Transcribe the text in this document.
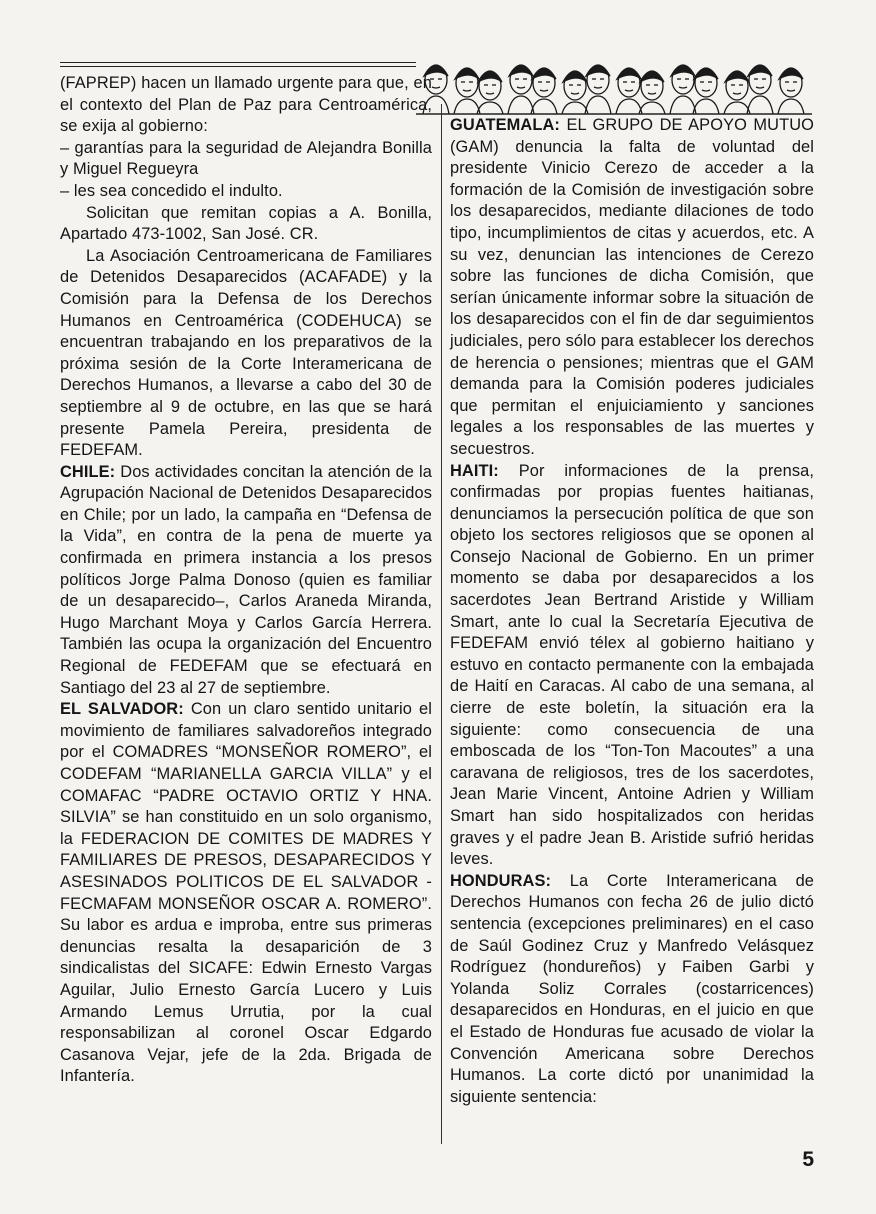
(FAPREP) hacen un llamado urgente para que, en el contexto del Plan de Paz para Centroamérica, se exija al gobierno:

– garantías para la seguridad de Alejandra Bonilla y Miguel Regueyra

– les sea concedido el indulto.

Solicitan que remitan copias a A. Bonilla, Apartado 473-1002, San José. CR.

La Asociación Centroamericana de Familiares de Detenidos Desaparecidos (ACAFADE) y la Comisión para la Defensa de los Derechos Humanos en Centroamérica (CODEHUCA) se encuentran trabajando en los preparativos de la próxima sesión de la Corte Interamericana de Derechos Humanos, a llevarse a cabo del 30 de septiembre al 9 de octubre, en las que se hará presente Pamela Pereira, presidenta de FEDEFAM.

CHILE: Dos actividades concitan la atención de la Agrupación Nacional de Detenidos Desaparecidos en Chile; por un lado, la campaña en “Defensa de la Vida”, en contra de la pena de muerte ya confirmada en primera instancia a los presos políticos Jorge Palma Donoso (quien es familiar de un desaparecido–, Carlos Araneda Miranda, Hugo Marchant Moya y Carlos García Herrera. También las ocupa la organización del Encuentro Regional de FEDEFAM que se efectuará en Santiago del 23 al 27 de septiembre.

EL SALVADOR: Con un claro sentido unitario el movimiento de familiares salvadoreños integrado por el COMADRES “MONSEÑOR ROMERO”, el CODEFAM “MARIANELLA GARCIA VILLA” y el COMAFAC “PADRE OCTAVIO ORTIZ Y HNA. SILVIA” se han constituido en un solo organismo, la FEDERACION DE COMITES DE MADRES Y FAMILIARES DE PRESOS, DESAPARECIDOS Y ASESINADOS POLITICOS DE EL SALVADOR - FECMAFAM MONSEÑOR OSCAR A. ROMERO”. Su labor es ardua e improba, entre sus primeras denuncias resalta la desaparición de 3 sindicalistas del SICAFE: Edwin Ernesto Vargas Aguilar, Julio Ernesto García Lucero y Luis Armando Lemus Urrutia, por la cual responsabilizan al coronel Oscar Edgardo Casanova Vejar, jefe de la 2da. Brigada de Infantería.

GUATEMALA: EL GRUPO DE APOYO MUTUO (GAM) denuncia la falta de voluntad del presidente Vinicio Cerezo de acceder a la formación de la Comisión de investigación sobre los desaparecidos, mediante dilaciones de todo tipo, incumplimientos de citas y acuerdos, etc. A su vez, denuncian las intenciones de Cerezo sobre las funciones de dicha Comisión, que serían únicamente informar sobre la situación de los desaparecidos con el fin de dar seguimientos judiciales, pero sólo para establecer los derechos de herencia o pensiones; mientras que el GAM demanda para la Comisión poderes judiciales que permitan el enjuiciamiento y sanciones legales a los responsables de las muertes y secuestros.

HAITI: Por informaciones de la prensa, confirmadas por propias fuentes haitianas, denunciamos la persecución política de que son objeto los sectores religiosos que se oponen al Consejo Nacional de Gobierno. En un primer momento se daba por desaparecidos a los sacerdotes Jean Bertrand Aristide y William Smart, ante lo cual la Secretaría Ejecutiva de FEDEFAM envió télex al gobierno haitiano y estuvo en contacto permanente con la embajada de Haití en Caracas. Al cabo de una semana, al cierre de este boletín, la situación era la siguiente: como consecuencia de una emboscada de los “Ton-Ton Macoutes” a una caravana de religiosos, tres de los sacerdotes, Jean Marie Vincent, Antoine Adrien y William Smart han sido hospitalizados con heridas graves y el padre Jean B. Aristide sufrió heridas leves.

HONDURAS: La Corte Interamericana de Derechos Humanos con fecha 26 de julio dictó sentencia (excepciones preliminares) en el caso de Saúl Godinez Cruz y Manfredo Velásquez Rodríguez (hondureños) y Faiben Garbi y Yolanda Soliz Corrales (costarricences) desaparecidos en Honduras, en el juicio en que el Estado de Honduras fue acusado de violar la Convención Americana sobre Derechos Humanos. La corte dictó por unanimidad la siguiente sentencia:

5
